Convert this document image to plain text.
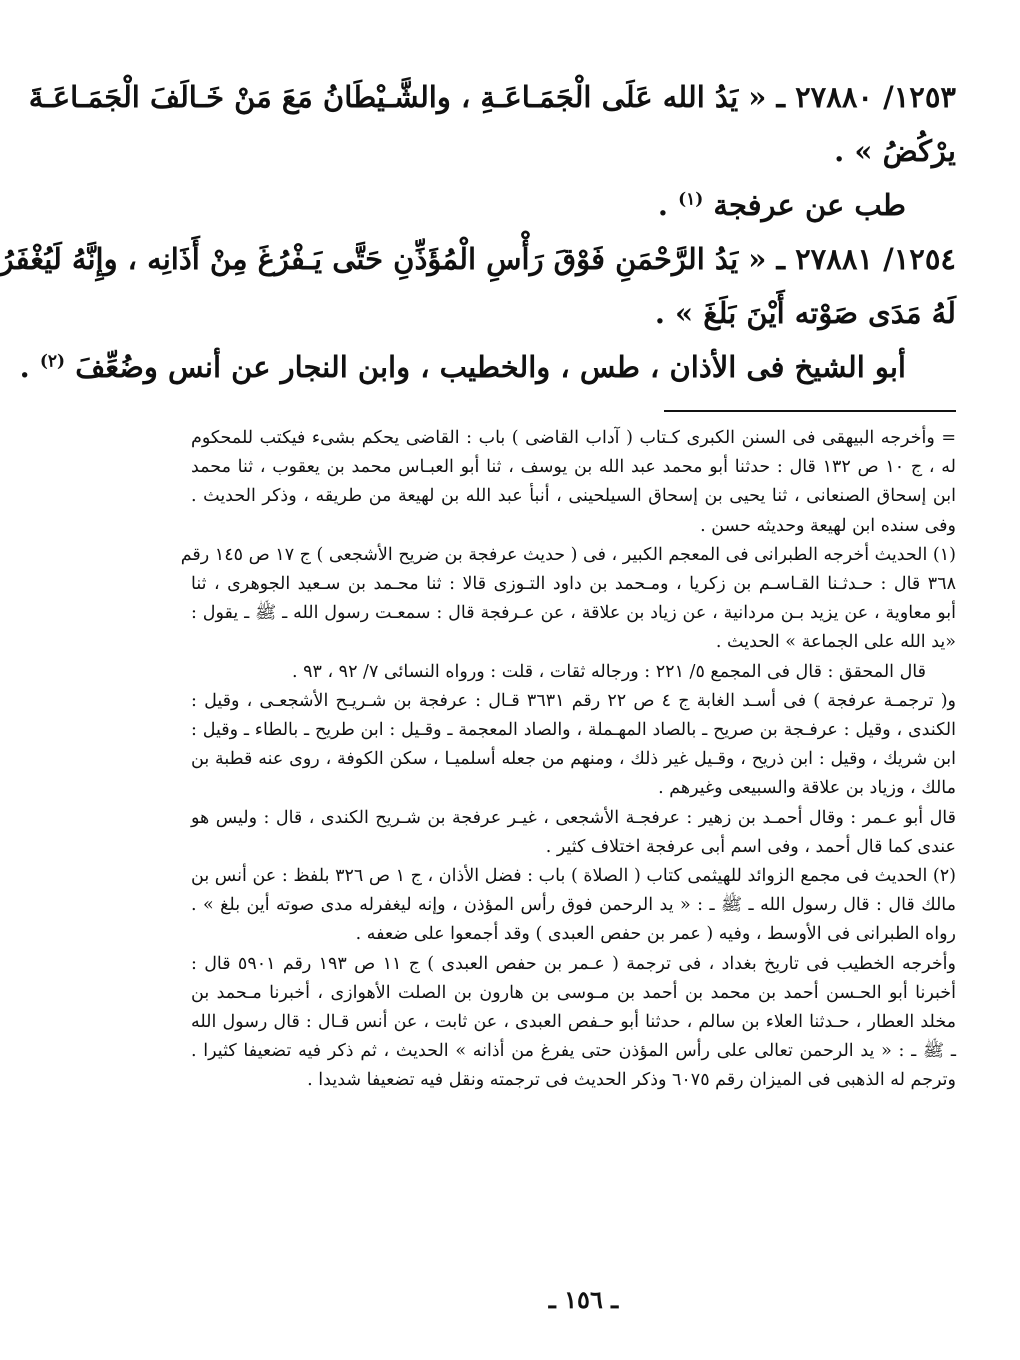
١٢٥٣/ ٢٧٨٨٠ ـ « يَدُ الله عَلَى الْجَمَـاعَـةِ ، والشَّـيْطَانُ مَعَ مَنْ خَـالَفَ الْجَمَـاعَـةَ
يرْكُضُ » .
طب عن عرفجة $^{(١)}$ .
١٢٥٤/ ٢٧٨٨١ ـ « يَدُ الرَّحْمَنِ فَوْقَ رَأْسِ الْمُؤَذِّنِ حَتَّى يَـفْرُغَ مِنْ أَذَانِه ، وإِنَّهُ لَيُغْفَرُ
لَهُ مَدَى صَوْته أَيْنَ بَلَغَ » .
أبو الشيخ فى الأذان ، طس ، والخطيب ، وابن النجار عن أنس وضُعِّفَ $^{(٢)}$ .
= وأخرجه البيهقى فى السنن الكبرى كـتاب ( آداب القاضى ) باب : القاضى يحكم بشىء فيكتب للمحكوم
له ، ج ١٠ ص ١٣٢ قال : حدثنا أبو محمد عبد الله بن يوسف ، ثنا أبو العبـاس محمد بن يعقوب ، ثنا محمد
ابن إسحاق الصنعانى ، ثنا يحيى بن إسحاق السيلحينى ، أنبأ عبد الله بن لهيعة من طريقه ، وذكر الحديث .
وفى سنده ابن لهيعة وحديثه حسن .
(١) الحديث أخرجه الطبرانى فى المعجم الكبير ، فى ( حديث عرفجة بن ضريح الأشجعى ) ج ١٧ ص ١٤٥ رقم
٣٦٨ قال : حـدثـنا القـاسـم بن زكريا ، ومـحمد بن داود التـوزى قالا : ثنا محـمد بن سـعيد الجوهرى ، ثنا
أبو معاوية ، عن يزيد بـن مردانية ، عن زياد بن علاقة ، عن عـرفجة قال : سمعـت رسول الله ـ ﷺ ـ يقول :
«يد الله على الجماعة » الحديث .
قال المحقق : قال فى المجمع ٥/ ٢٢١ : ورجاله ثقات ، قلت : ورواه النسائى ٧/ ٩٢ ، ٩٣ .
و( ترجمـة عرفجة ) فى أسـد الغابة ج ٤ ص ٢٢ رقم ٣٦٣١ قـال : عرفجة بن شـريـح الأشجعـى ، وقيل :
الكندى ، وقيل : عرفـجة بن صريح ـ بالصاد المهـملة ، والصاد المعجمة ـ وقـيل : ابن طريح ـ بالطاء ـ وقيل :
ابن شريك ، وقيل : ابن ذريح ، وقـيل غير ذلك ، ومنهم من جعله أسلميـا ، سكن الكوفة ، روى عنه قطبة بن
مالك ، وزياد بن علاقة والسبيعى وغيرهم .
قال أبو عـمر : وقال أحمـد بن زهير : عرفجـة الأشجعى ، غيـر عرفجة بن شـريح الكندى ، قال : وليس هو
عندى كما قال أحمد ، وفى اسم أبى عرفجة اختلاف كثير .
(٢) الحديث فى مجمع الزوائد للهيثمى كتاب ( الصلاة ) باب : فضل الأذان ، ج ١ ص ٣٢٦ بلفظ : عن أنس بن
مالك قال : قال رسول الله ـ ﷺ ـ : « يد الرحمن فوق رأس المؤذن ، وإنه ليغفرله مدى صوته أين بلغ » .
رواه الطبرانى فى الأوسط ، وفيه ( عمر بن حفص العبدى ) وقد أجمعوا على ضعفه .
وأخرجه الخطيب فى تاريخ بغداد ، فى ترجمة ( عـمر بن حفص العبدى ) ج ١١ ص ١٩٣ رقم ٥٩٠١ قال :
أخبرنا أبو الحـسن أحمد بن محمد بن أحمد بن مـوسى بن هارون بن الصلت الأهوازى ، أخبرنا مـحمد بن
مخلد العطار ، حـدثنا العلاء بن سالم ، حدثنا أبو حـفص العبدى ، عن ثابت ، عن أنس قـال : قال رسول الله
ـ ﷺ ـ : « يد الرحمن تعالى على رأس المؤذن حتى يفرغ من أذانه » الحديث ، ثم ذكر فيه تضعيفا كثيرا .
وترجم له الذهبى فى الميزان رقم ٦٠٧٥ وذكر الحديث فى ترجمته ونقل فيه تضعيفا شديدا .
ـ ١٥٦ ـ
